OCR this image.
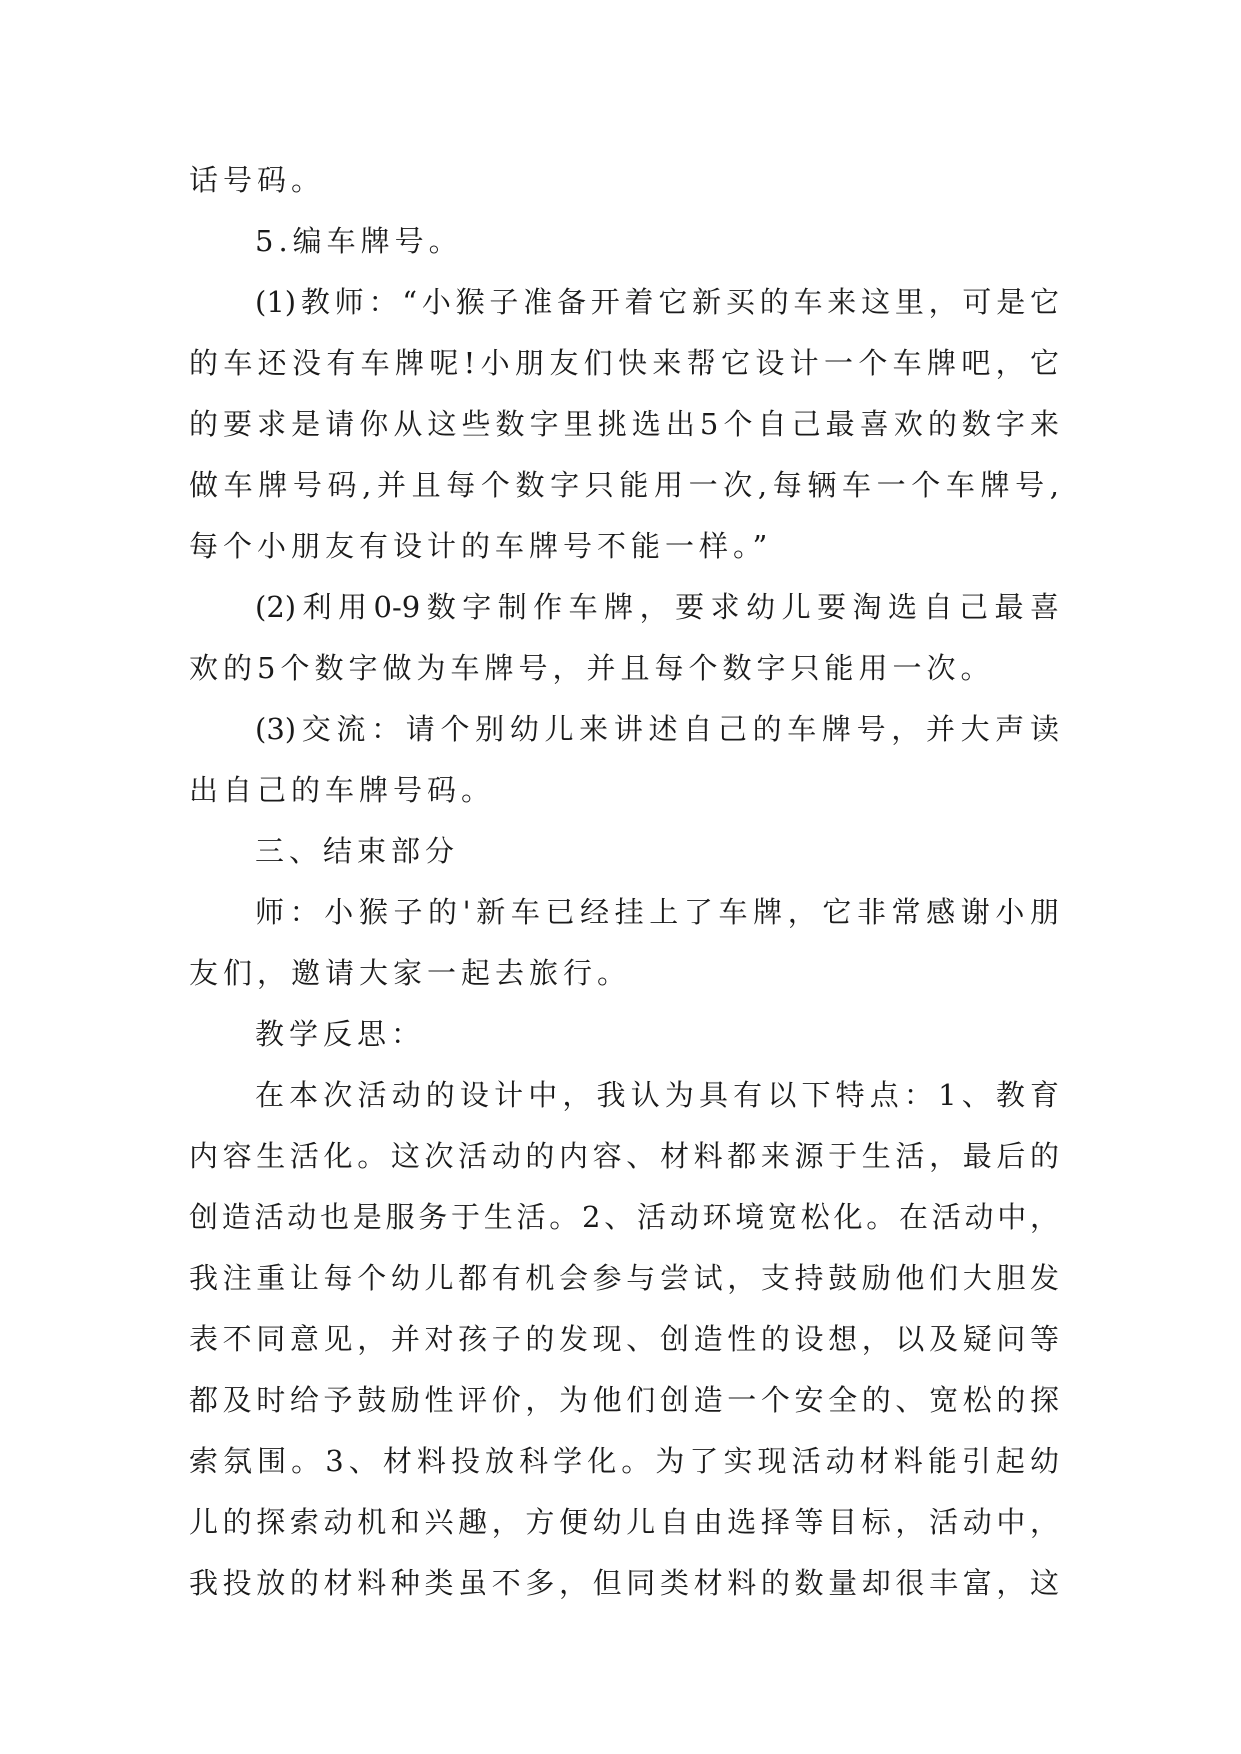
话号码。
5.编车牌号。
(1)教师：“小猴子准备开着它新买的车来这里，可是它
的车还没有车牌呢!小朋友们快来帮它设计一个车牌吧，它
的要求是请你从这些数字里挑选出5个自己最喜欢的数字来
做车牌号码,并且每个数字只能用一次,每辆车一个车牌号,
每个小朋友有设计的车牌号不能一样。”
(2)利用0-9数字制作车牌，要求幼儿要淘选自己最喜
欢的5个数字做为车牌号，并且每个数字只能用一次。
(3)交流：请个别幼儿来讲述自己的车牌号，并大声读
出自己的车牌号码。
三、结束部分
师：小猴子的'新车已经挂上了车牌，它非常感谢小朋
友们，邀请大家一起去旅行。
教学反思：
在本次活动的设计中，我认为具有以下特点：1、教育
内容生活化。这次活动的内容、材料都来源于生活，最后的
创造活动也是服务于生活。2、活动环境宽松化。在活动中，
我注重让每个幼儿都有机会参与尝试，支持鼓励他们大胆发
表不同意见，并对孩子的发现、创造性的设想，以及疑问等
都及时给予鼓励性评价，为他们创造一个安全的、宽松的探
索氛围。3、材料投放科学化。为了实现活动材料能引起幼
儿的探索动机和兴趣，方便幼儿自由选择等目标，活动中，
我投放的材料种类虽不多，但同类材料的数量却很丰富，这
